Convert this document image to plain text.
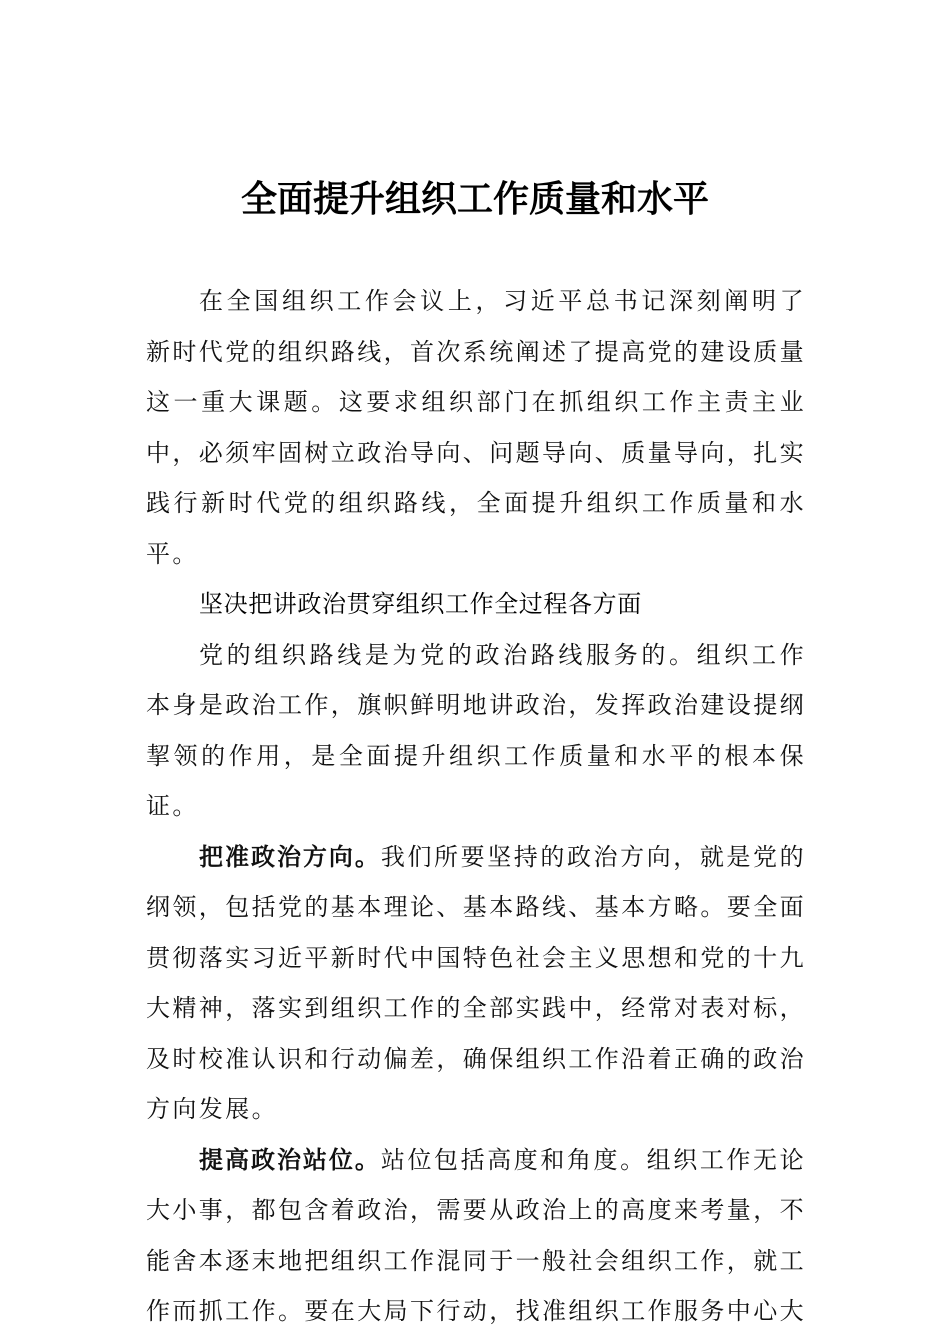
全面提升组织工作质量和水平

在全国组织工作会议上，习近平总书记深刻阐明了新时代党的组织路线，首次系统阐述了提高党的建设质量这一重大课题。这要求组织部门在抓组织工作主责主业中，必须牢固树立政治导向、问题导向、质量导向，扎实践行新时代党的组织路线，全面提升组织工作质量和水平。

坚决把讲政治贯穿组织工作全过程各方面

党的组织路线是为党的政治路线服务的。组织工作本身是政治工作，旗帜鲜明地讲政治，发挥政治建设提纲挈领的作用，是全面提升组织工作质量和水平的根本保证。

把准政治方向。我们所要坚持的政治方向，就是党的纲领，包括党的基本理论、基本路线、基本方略。要全面贯彻落实习近平新时代中国特色社会主义思想和党的十九大精神，落实到组织工作的全部实践中，经常对表对标，及时校准认识和行动偏差，确保组织工作沿着正确的政治方向发展。

提高政治站位。站位包括高度和角度。组织工作无论大小事，都包含着政治，需要从政治上的高度来考量，不能舍本逐末地把组织工作混同于一般社会组织工作，就工作而抓工作。要在大局下行动，找准组织工作服务中心大
